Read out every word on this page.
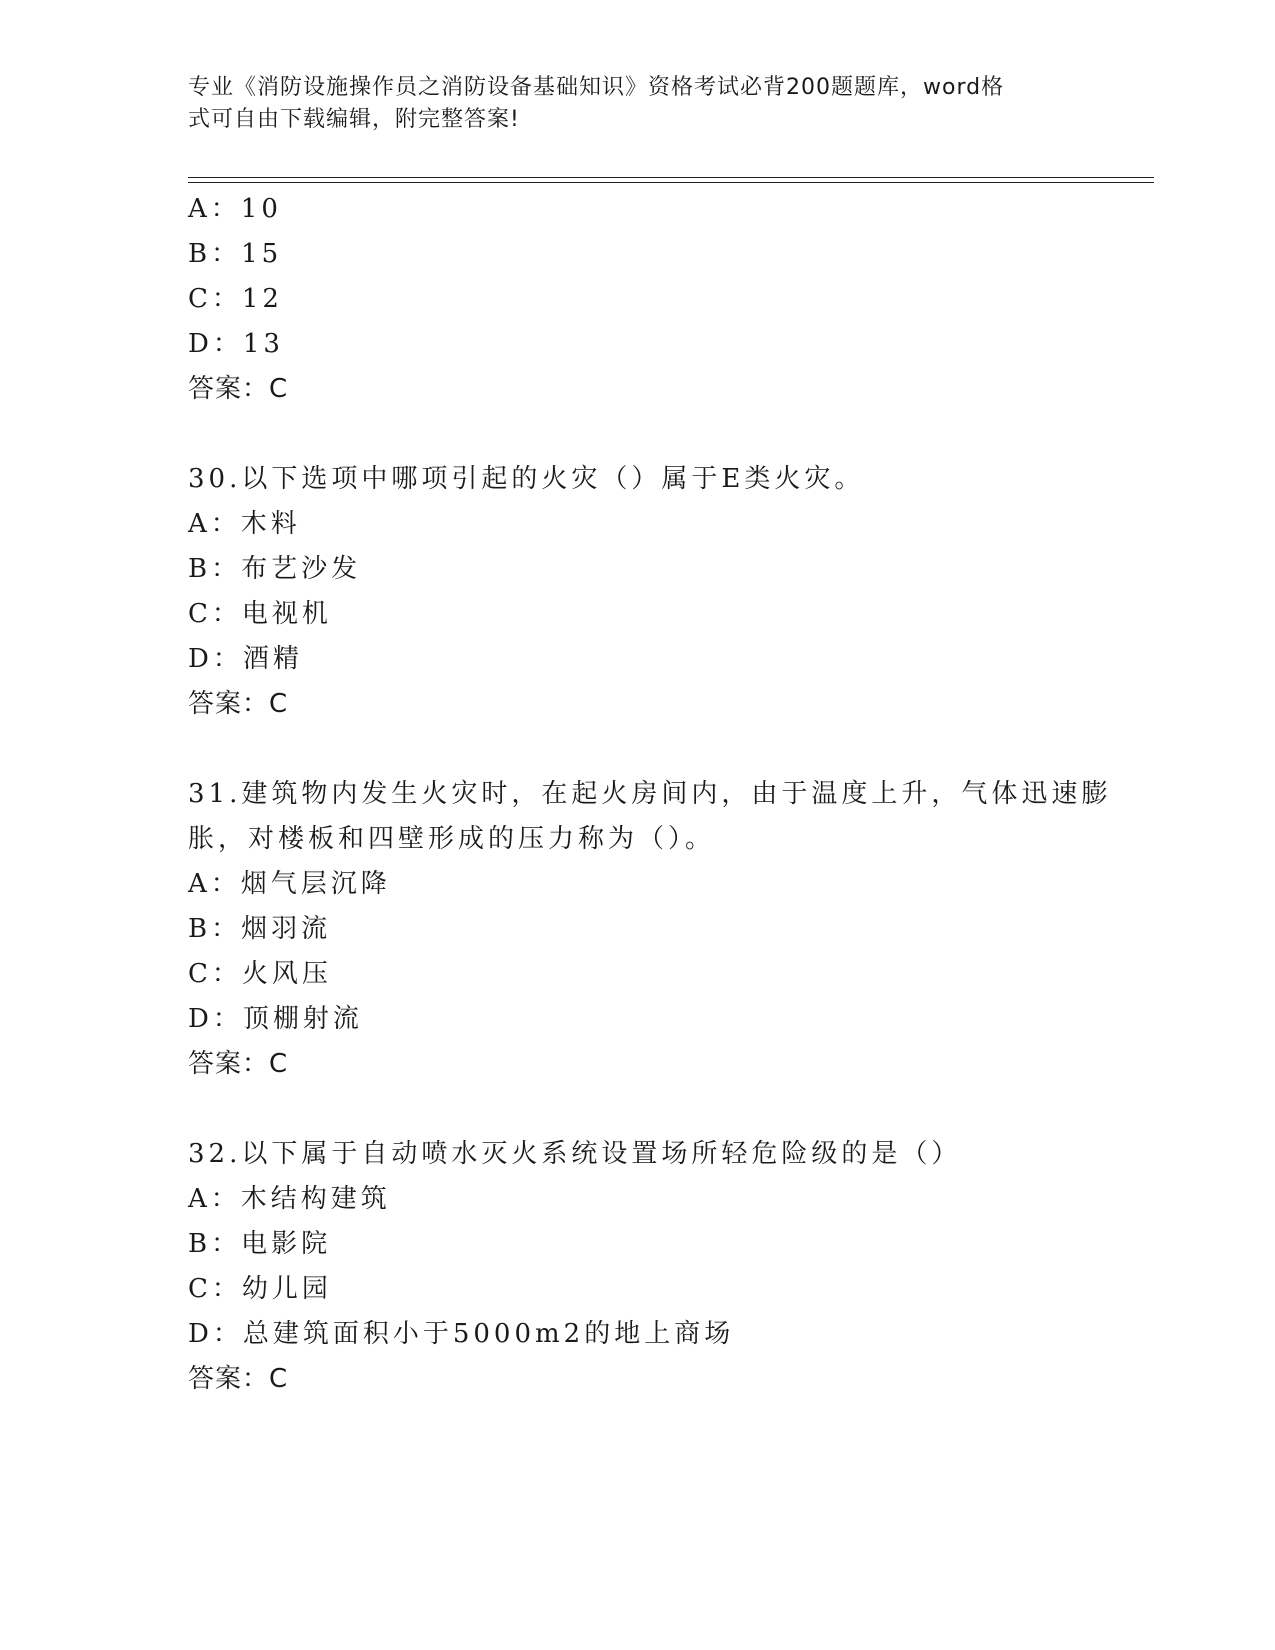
专业《消防设施操作员之消防设备基础知识》资格考试必背200题题库，word格
式可自由下载编辑，附完整答案!
A：10
B：15
C：12
D：13
答案：C
30.以下选项中哪项引起的火灾（）属于E类火灾。
A：木料
B：布艺沙发
C：电视机
D：酒精
答案：C
31.建筑物内发生火灾时，在起火房间内，由于温度上升，气体迅速膨
胀，对楼板和四壁形成的压力称为（）。
A：烟气层沉降
B：烟羽流
C：火风压
D：顶棚射流
答案：C
32.以下属于自动喷水灭火系统设置场所轻危险级的是（）
A：木结构建筑
B：电影院
C：幼儿园
D：总建筑面积小于5000m2的地上商场
答案：C
